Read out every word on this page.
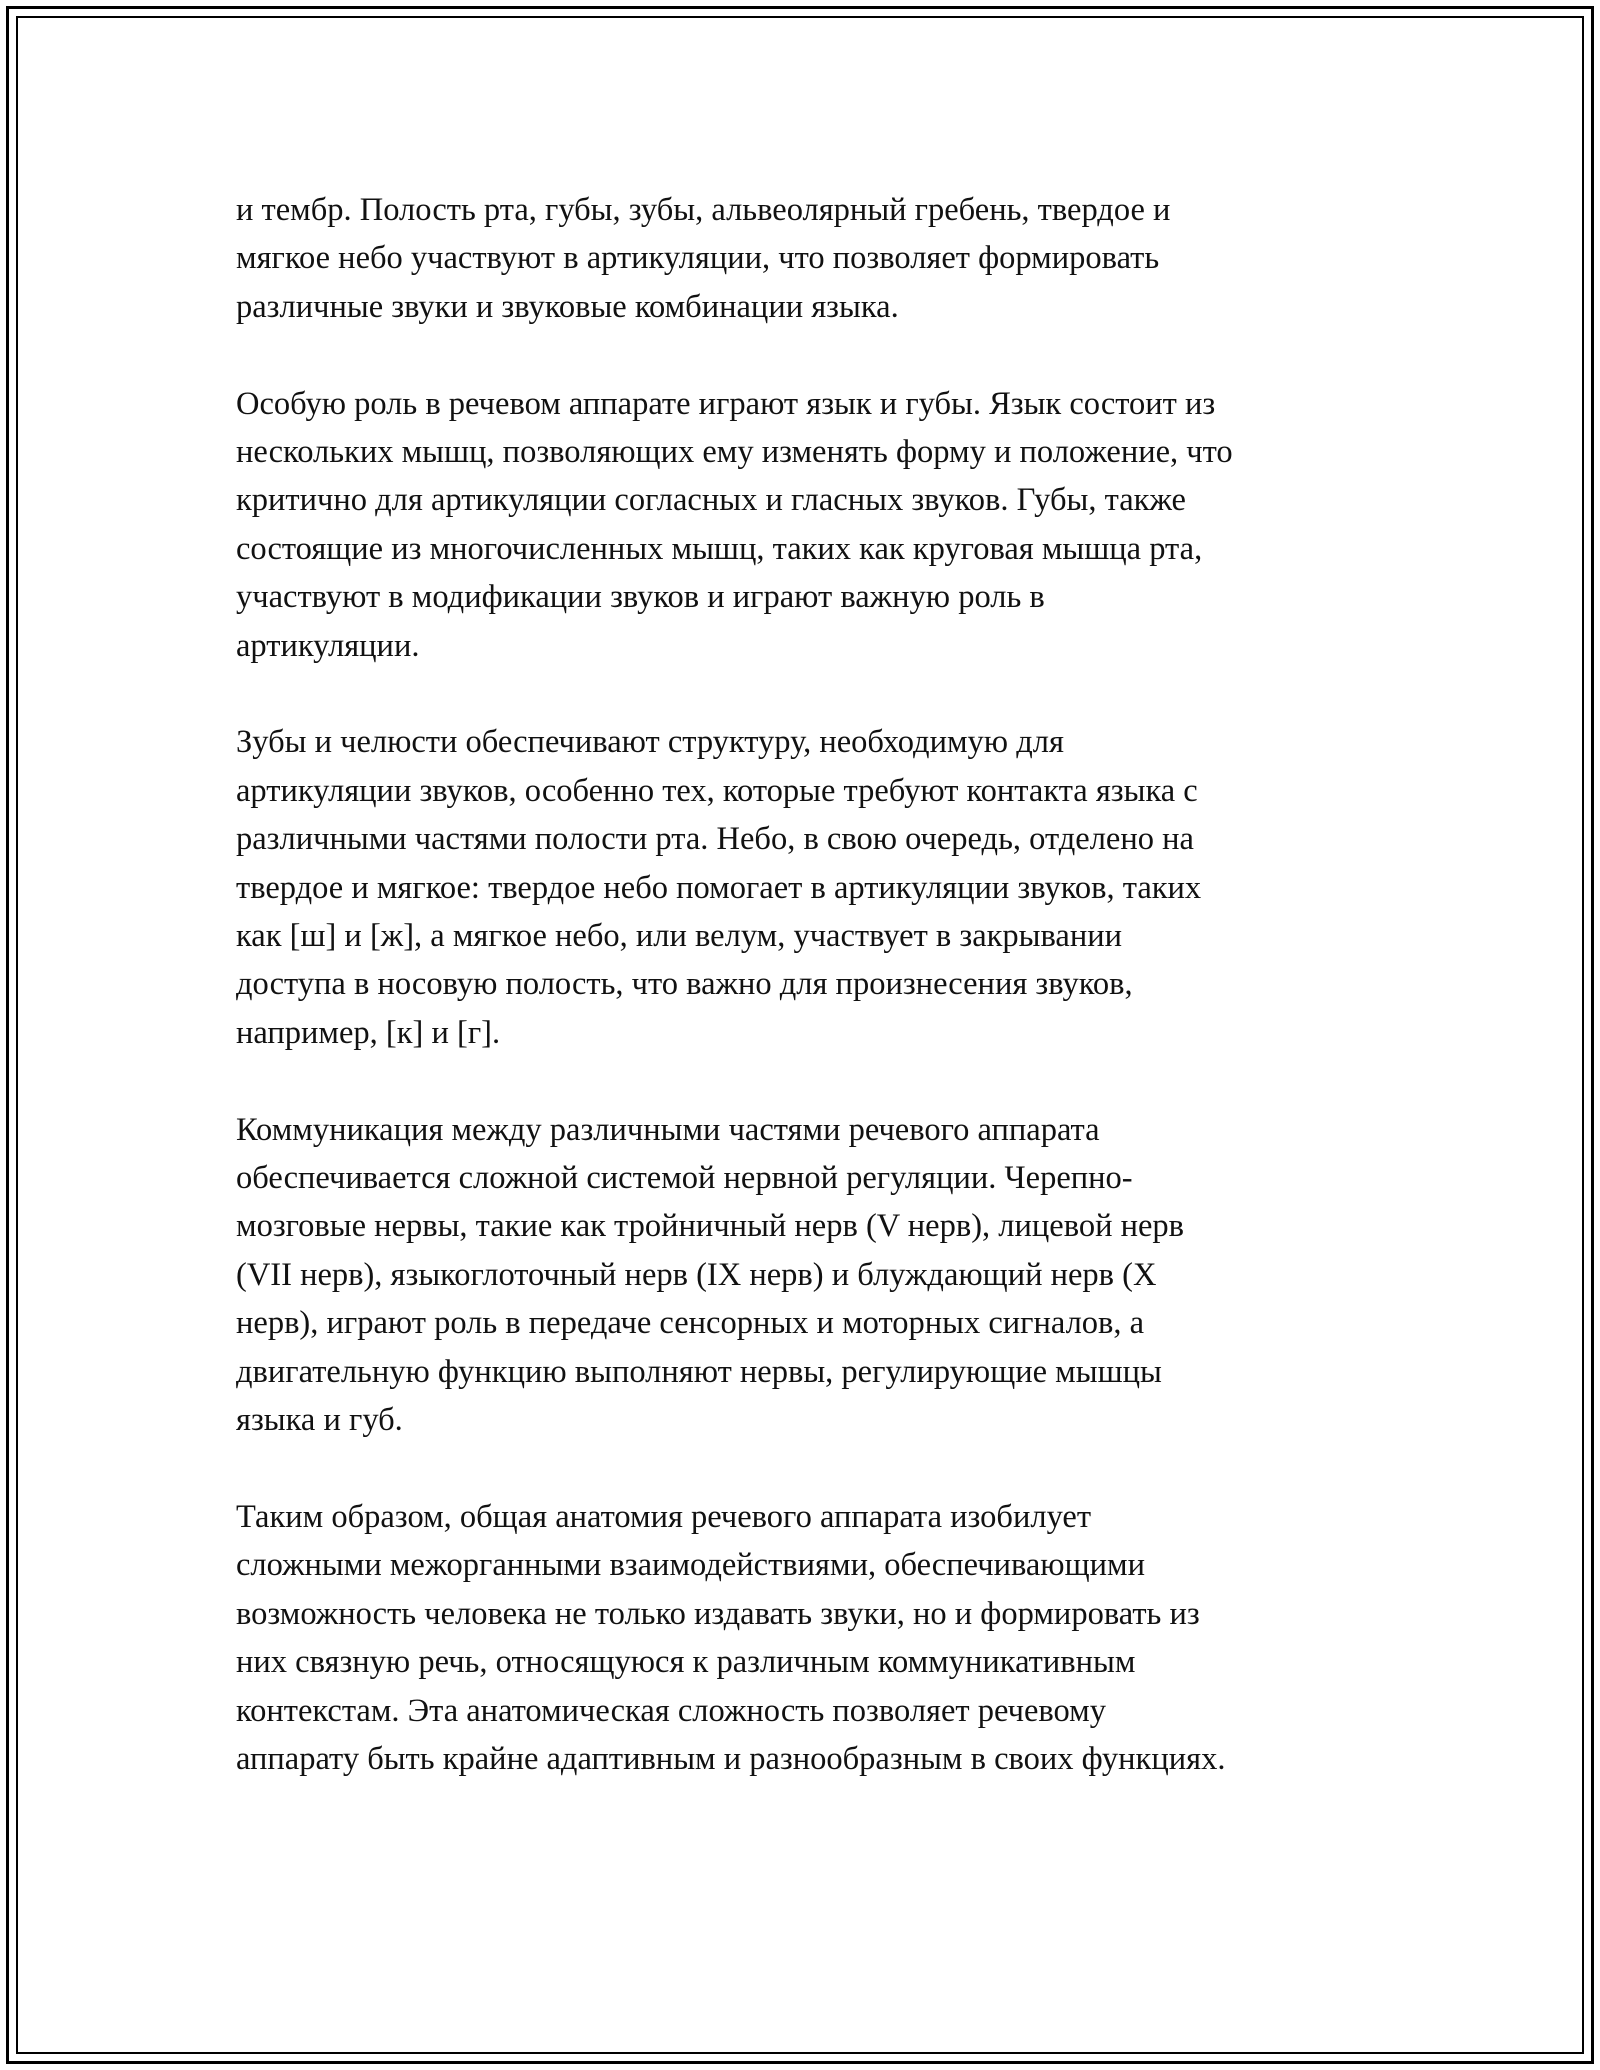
и тембр. Полость рта, губы, зубы, альвеолярный гребень, твердое и
мягкое небо участвуют в артикуляции, что позволяет формировать
различные звуки и звуковые комбинации языка.

Особую роль в речевом аппарате играют язык и губы. Язык состоит из
нескольких мышц, позволяющих ему изменять форму и положение, что
критично для артикуляции согласных и гласных звуков. Губы, также
состоящие из многочисленных мышц, таких как круговая мышца рта,
участвуют в модификации звуков и играют важную роль в
артикуляции.

Зубы и челюсти обеспечивают структуру, необходимую для
артикуляции звуков, особенно тех, которые требуют контакта языка с
различными частями полости рта. Небо, в свою очередь, отделено на
твердое и мягкое: твердое небо помогает в артикуляции звуков, таких
как [ш] и [ж], а мягкое небо, или велум, участвует в закрывании
доступа в носовую полость, что важно для произнесения звуков,
например, [к] и [г].

Коммуникация между различными частями речевого аппарата
обеспечивается сложной системой нервной регуляции. Черепно-
мозговые нервы, такие как тройничный нерв (V нерв), лицевой нерв
(VII нерв), языкоглоточный нерв (IX нерв) и блуждающий нерв (X
нерв), играют роль в передаче сенсорных и моторных сигналов, а
двигательную функцию выполняют нервы, регулирующие мышцы
языка и губ.

Таким образом, общая анатомия речевого аппарата изобилует
сложными межорганными взаимодействиями, обеспечивающими
возможность человека не только издавать звуки, но и формировать из
них связную речь, относящуюся к различным коммуникативным
контекстам. Эта анатомическая сложность позволяет речевому
аппарату быть крайне адаптивным и разнообразным в своих функциях.
